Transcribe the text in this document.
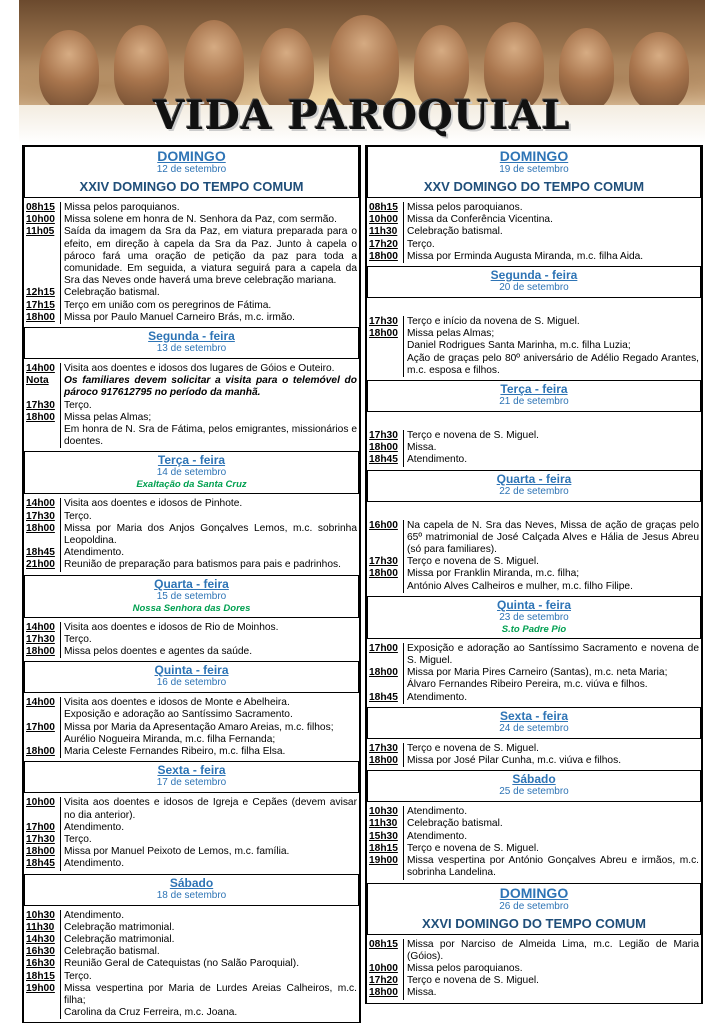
VIDA PAROQUIAL
DOMINGO
12 de setembro
XXIV DOMINGO DO TEMPO COMUM
08h15 Missa pelos paroquianos.
10h00 Missa solene em honra de N. Senhora da Paz, com sermão.
11h05 Saída da imagem da Sra da Paz, em viatura preparada para o efeito, em direção à capela da Sra da Paz. Junto à capela o pároco fará uma oração de petição da paz para toda a comunidade. Em seguida, a viatura seguirá para a capela da Sra das Neves onde haverá uma breve celebração mariana.
12h15 Celebração batismal.
17h15 Terço em união com os peregrinos de Fátima.
18h00 Missa por Paulo Manuel Carneiro Brás, m.c. irmão.
Segunda - feira
13 de setembro
14h00 Visita aos doentes e idosos dos lugares de Góios e Outeiro.
Nota	Os familiares devem solicitar a visita para o telemóvel do pároco 917612795 no período da manhã.
17h30 Terço.
18h00 Missa pelas Almas;
Em honra de N. Sra de Fátima, pelos emigrantes, missionários e doentes.
Terça - feira
14 de setembro
Exaltação da Santa Cruz
14h00 Visita aos doentes e idosos de Pinhote.
17h30 Terço.
18h00 Missa por Maria dos Anjos Gonçalves Lemos, m.c. sobrinha Leopoldina.
18h45 Atendimento.
21h00 Reunião de preparação para batismos para pais e padrinhos.
Quarta - feira
15 de setembro
Nossa Senhora das Dores
14h00 Visita aos doentes e idosos de Rio de Moinhos.
17h30 Terço.
18h00 Missa pelos doentes e agentes da saúde.
Quinta - feira
16 de setembro
14h00 Visita aos doentes e idosos de Monte e Abelheira.
Exposição e adoração ao Santíssimo Sacramento.
17h00 Missa por Maria da Apresentação Amaro Areias, m.c. filhos;
Aurélio Nogueira Miranda, m.c. filha Fernanda;
18h00 Maria Celeste Fernandes Ribeiro, m.c. filha Elsa.
Sexta - feira
17 de setembro
10h00 Visita aos doentes e idosos de Igreja e Cepães (devem avisar no dia anterior).
17h00 Atendimento.
17h30 Terço.
18h00 Missa por Manuel Peixoto de Lemos, m.c. família.
18h45 Atendimento.
Sábado
18 de setembro
10h30 Atendimento.
11h30 Celebração matrimonial.
14h30 Celebração matrimonial.
16h30 Celebração batismal.
16h30 Reunião Geral de Catequistas (no Salão Paroquial).
18h15 Terço.
19h00 Missa vespertina por Maria de Lurdes Areias Calheiros, m.c. filha;
Carolina da Cruz Ferreira, m.c. Joana.
DOMINGO
19 de setembro
XXV DOMINGO DO TEMPO COMUM
08h15 Missa pelos paroquianos.
10h00 Missa da Conferência Vicentina.
11h30 Celebração batismal.
17h20 Terço.
18h00 Missa por Erminda Augusta Miranda, m.c. filha Aida.
Segunda - feira
20 de setembro
17h30 Terço e início da novena de S. Miguel.
18h00 Missa pelas Almas;
Daniel Rodrigues Santa Marinha, m.c. filha Luzia;
Ação de graças pelo 80º aniversário de Adélio Regado Arantes, m.c. esposa e filhos.
Terça - feira
21 de setembro
17h30 Terço e novena de S. Miguel.
18h00 Missa.
18h45 Atendimento.
Quarta - feira
22 de setembro
16h00 Na capela de N. Sra das Neves, Missa de ação de graças pelo 65º matrimonial de José Calçada Alves e Hália de Jesus Abreu (só para familiares).
17h30 Terço e novena de S. Miguel.
18h00 Missa por Franklin Miranda, m.c. filha;
António Alves Calheiros e mulher, m.c. filho Filipe.
Quinta - feira
23 de setembro
S.to Padre Pio
17h00 Exposição e adoração ao Santíssimo Sacramento e novena de S. Miguel.
18h00 Missa por Maria Pires Carneiro (Santas), m.c. neta Maria;
Álvaro Fernandes Ribeiro Pereira, m.c. viúva e filhos.
18h45 Atendimento.
Sexta - feira
24 de setembro
17h30 Terço e novena de S. Miguel.
18h00 Missa por José Pilar Cunha, m.c. viúva e filhos.
Sábado
25 de setembro
10h30 Atendimento.
11h30 Celebração batismal.
15h30 Atendimento.
18h15 Terço e novena de S. Miguel.
19h00 Missa vespertina por António Gonçalves Abreu e irmãos, m.c. sobrinha Landelina.
DOMINGO
26 de setembro
XXVI DOMINGO DO TEMPO COMUM
08h15 Missa por Narciso de Almeida Lima, m.c. Legião de Maria (Góios).
10h00 Missa pelos paroquianos.
17h20 Terço e novena de S. Miguel.
18h00 Missa.
